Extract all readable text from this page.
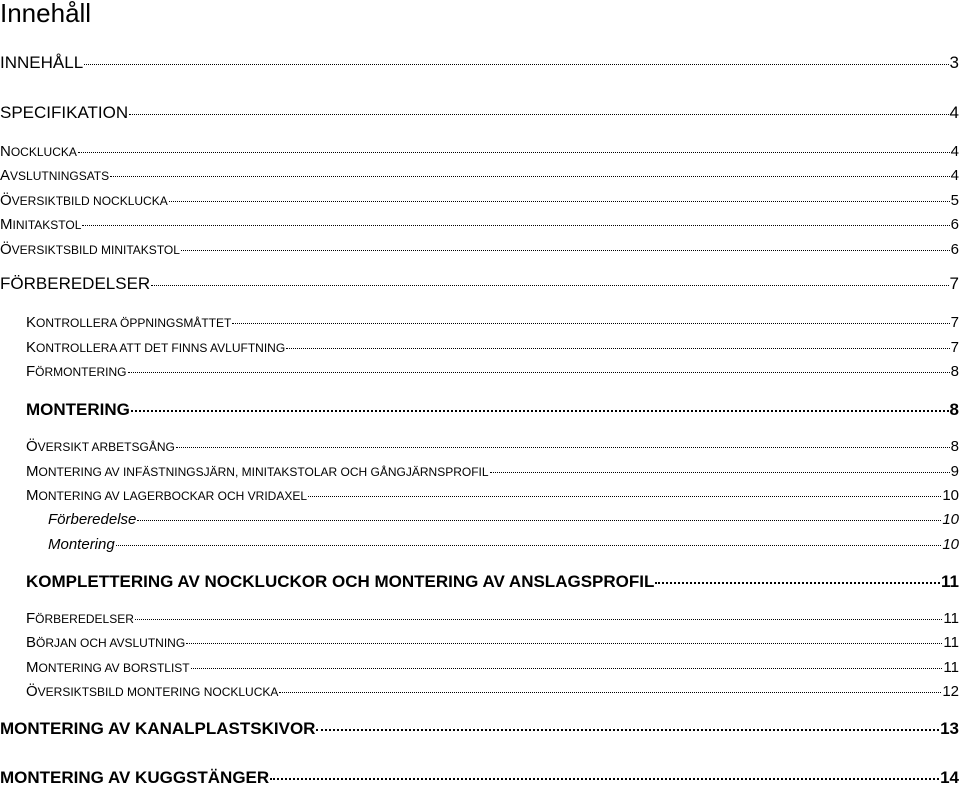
Innehåll
INNEHÅLL	3
SPECIFIKATION	4
NOCKLUCKA	4
AVSLUTNINGSATS	4
ÖVERSIKTBILD NOCKLUCKA	5
MINITAKSTOL	6
ÖVERSIKTSBILD MINITAKSTOL	6
FÖRBEREDELSER	7
KONTROLLERA ÖPPNINGSMÅTTET	7
KONTROLLERA ATT DET FINNS AVLUFTNING	7
FÖRMONTERING	8
MONTERING	8
ÖVERSIKT ARBETSGÅNG	8
MONTERING AV INFÄSTNINGSJÄRN, MINITAKSTOLAR OCH GÅNGJÄRNSPROFIL	9
MONTERING AV LAGERBOCKAR OCH VRIDAXEL	10
Förberedelse	10
Montering	10
KOMPLETTERING AV NOCKLUCKOR OCH MONTERING AV ANSLAGSPROFIL	11
FÖRBEREDELSER	11
BÖRJAN OCH AVSLUTNING	11
MONTERING AV BORSTLIST	11
ÖVERSIKTSBILD MONTERING NOCKLUCKA	12
MONTERING AV KANALPLASTSKIVOR	13
MONTERING AV KUGGSTÄNGER	14
